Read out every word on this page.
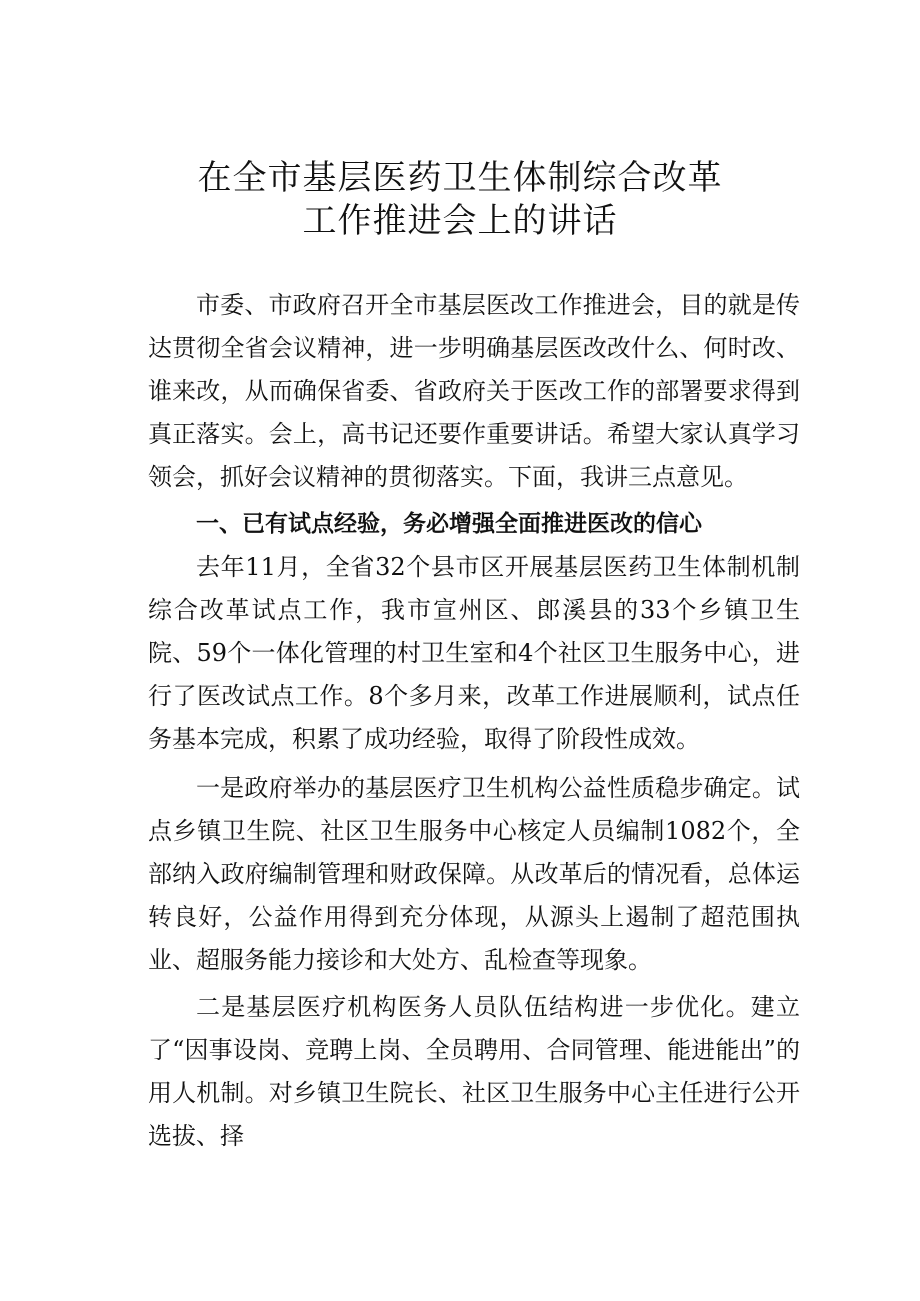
在全市基层医药卫生体制综合改革
工作推进会上的讲话

市委、市政府召开全市基层医改工作推进会，目的就是传达贯彻全省会议精神，进一步明确基层医改改什么、何时改、谁来改，从而确保省委、省政府关于医改工作的部署要求得到真正落实。会上，高书记还要作重要讲话。希望大家认真学习领会，抓好会议精神的贯彻落实。下面，我讲三点意见。

一、已有试点经验，务必增强全面推进医改的信心

去年11月，全省32个县市区开展基层医药卫生体制机制综合改革试点工作，我市宣州区、郎溪县的33个乡镇卫生院、59个一体化管理的村卫生室和4个社区卫生服务中心，进行了医改试点工作。8个多月来，改革工作进展顺利，试点任务基本完成，积累了成功经验，取得了阶段性成效。

一是政府举办的基层医疗卫生机构公益性质稳步确定。试点乡镇卫生院、社区卫生服务中心核定人员编制1082个，全部纳入政府编制管理和财政保障。从改革后的情况看，总体运转良好，公益作用得到充分体现，从源头上遏制了超范围执业、超服务能力接诊和大处方、乱检查等现象。

二是基层医疗机构医务人员队伍结构进一步优化。建立了“因事设岗、竞聘上岗、全员聘用、合同管理、能进能出”的用人机制。对乡镇卫生院长、社区卫生服务中心主任进行公开选拔、择
